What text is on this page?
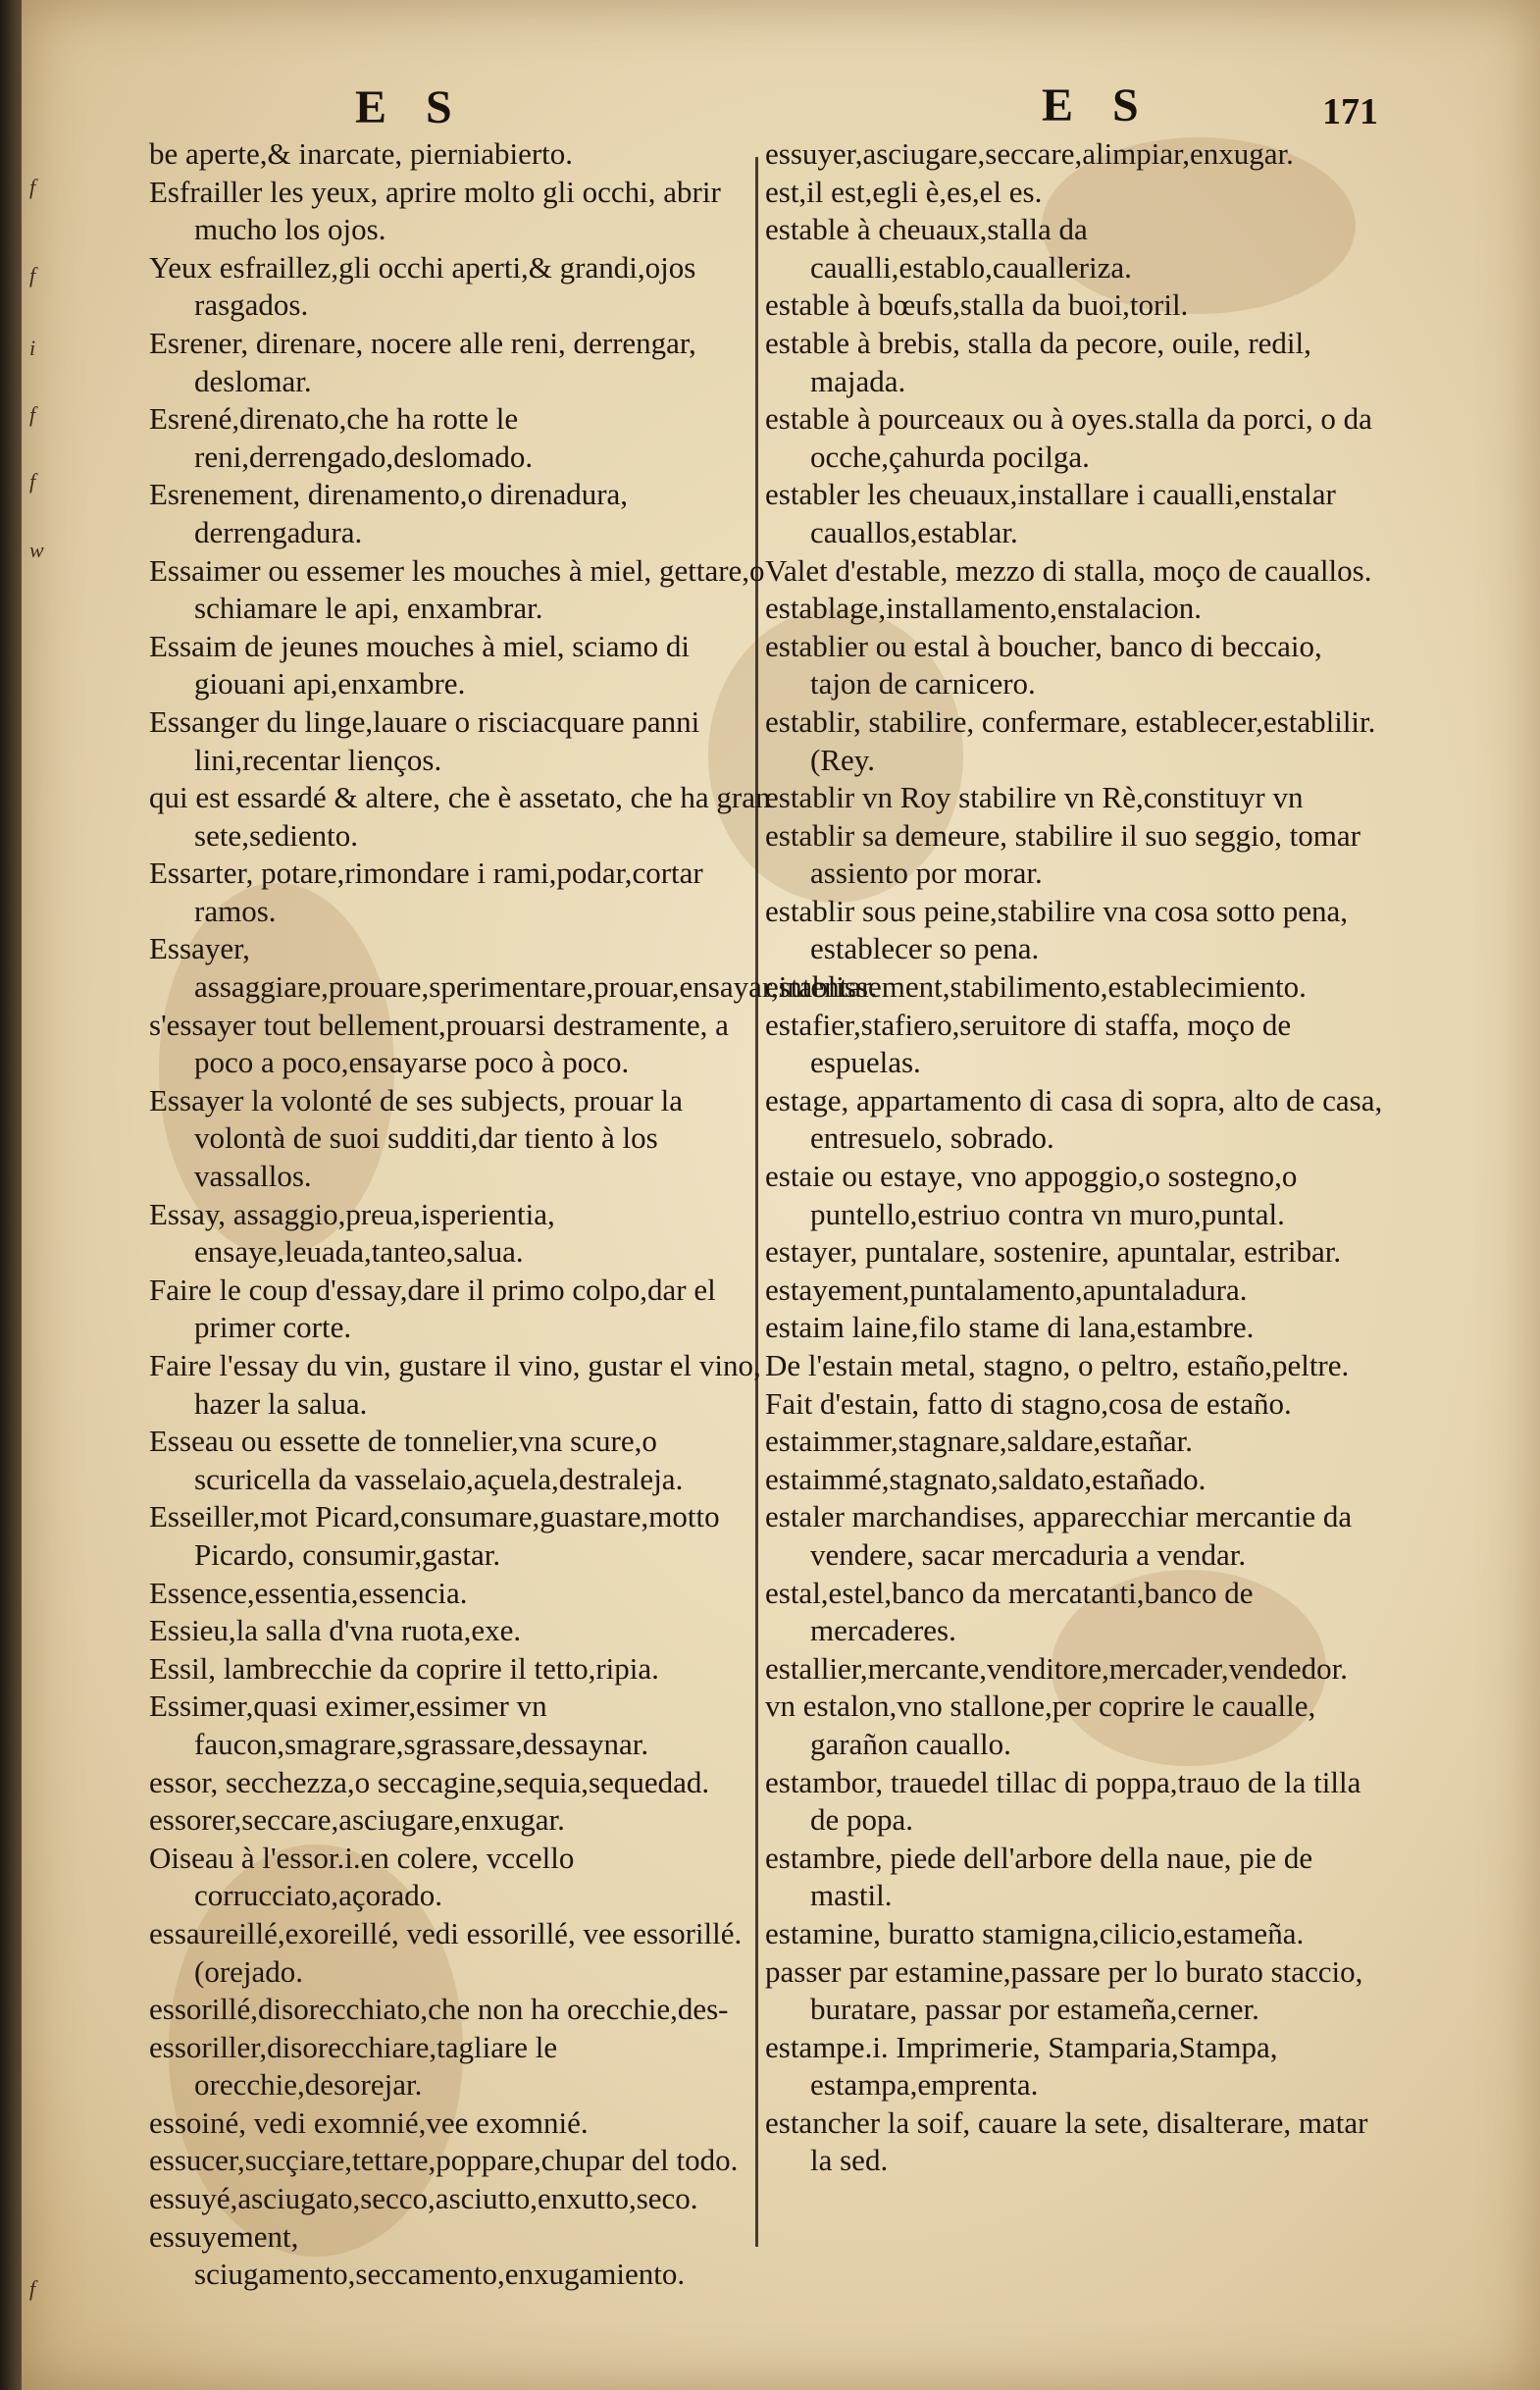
f
f
i
f
f
w
f
E S	E S	171
be aperte,& inarcate, pierniabierto.
Esfrailler les yeux, aprire molto gli occhi, abrir mucho los ojos.
Yeux esfraillez,gli occhi aperti,& grandi,ojos rasgados.
Esrener, direnare, nocere alle reni, derrengar, deslomar.
Esrené,direnato,che ha rotte le reni,derrengado,deslomado.
Esrenement, direnamento,o direnadura, derrengadura.
Essaimer ou essemer les mouches à miel, gettare,o schiamare le api, enxambrar.
Essaim de jeunes mouches à miel, sciamo di giouani api,enxambre.
Essanger du linge,lauare o risciacquare panni lini,recentar lienços.
qui est essardé & altere, che è assetato, che ha gran sete,sediento.
Essarter, potare,rimondare i rami,podar,cortar ramos.
Essayer, assaggiare,prouare,sperimentare,prouar,ensayar,intentar.
s'essayer tout bellement,prouarsi destramente, a poco a poco,ensayarse poco à poco.
Essayer la volonté de ses subjects, prouar la volontà de suoi sudditi,dar tiento à los vassallos.
Essay, assaggio,preua,isperientia, ensaye,leuada,tanteo,salua.
Faire le coup d'essay,dare il primo colpo,dar el primer corte.
Faire l'essay du vin, gustare il vino, gustar el vino, hazer la salua.
Esseau ou essette de tonnelier,vna scure,o scuricella da vasselaio,açuela,destraleja.
Esseiller,mot Picard,consumare,guastare,motto Picardo, consumir,gastar.
Essence,essentia,essencia.
Essieu,la salla d'vna ruota,exe.
Essil, lambrecchie da coprire il tetto,ripia.
Essimer,quasi eximer,essimer vn faucon,smagrare,sgrassare,dessaynar.
essor, secchezza,o seccagine,sequia,sequedad.
essorer,seccare,asciugare,enxugar.
Oiseau à l'essor.i.en colere, vccello corrucciato,açorado.
essaureillé,exoreillé, vedi essorillé, vee essorillé. (orejado.
essorillé,disorecchiato,che non ha orecchie,des-
essoriller,disorecchiare,tagliare le orecchie,desorejar.
essoiné, vedi exomnié,vee exomnié.
essucer,sucçiare,tettare,poppare,chupar del todo.
essuyé,asciugato,secco,asciutto,enxutto,seco.
essuyement, sciugamento,seccamento,enxugamiento.
essuyer,asciugare,seccare,alimpiar,enxugar.
est,il est,egli è,es,el es.
estable à cheuaux,stalla da caualli,establo,caualleriza.
estable à bœufs,stalla da buoi,toril.
estable à brebis, stalla da pecore, ouile, redil, majada.
estable à pourceaux ou à oyes.stalla da porci, o da ocche,çahurda pocilga.
establer les cheuaux,installare i caualli,enstalar cauallos,establar.
Valet d'estable, mezzo di stalla, moço de cauallos.
establage,installamento,enstalacion.
establier ou estal à boucher, banco di beccaio, tajon de carnicero.
establir, stabilire, confermare, establecer,establilir. (Rey.
establir vn Roy stabilire vn Rè,constituyr vn
establir sa demeure, stabilire il suo seggio, tomar assiento por morar.
establir sous peine,stabilire vna cosa sotto pena, establecer so pena.
establissement,stabilimento,establecimiento.
estafier,stafiero,seruitore di staffa, moço de espuelas.
estage, appartamento di casa di sopra, alto de casa, entresuelo, sobrado.
estaie ou estaye, vno appoggio,o sostegno,o puntello,estriuo contra vn muro,puntal.
estayer, puntalare, sostenire, apuntalar, estribar.
estayement,puntalamento,apuntaladura.
estaim laine,filo stame di lana,estambre.
De l'estain metal, stagno, o peltro, estaño,peltre.
Fait d'estain, fatto di stagno,cosa de estaño.
estaimmer,stagnare,saldare,estañar.
estaimmé,stagnato,saldato,estañado.
estaler marchandises, apparecchiar mercantie da vendere, sacar mercaduria a vendar.
estal,estel,banco da mercatanti,banco de mercaderes.
estallier,mercante,venditore,mercader,vendedor.
vn estalon,vno stallone,per coprire le caualle, garañon cauallo.
estambor, trauedel tillac di poppa,trauo de la tilla de popa.
estambre, piede dell'arbore della naue, pie de mastil.
estamine, buratto stamigna,cilicio,estameña.
passer par estamine,passare per lo burato staccio, buratare, passar por estameña,cerner.
estampe.i. Imprimerie, Stamparia,Stampa, estampa,emprenta.
estancher la soif, cauare la sete, disalterare, matar la sed.
